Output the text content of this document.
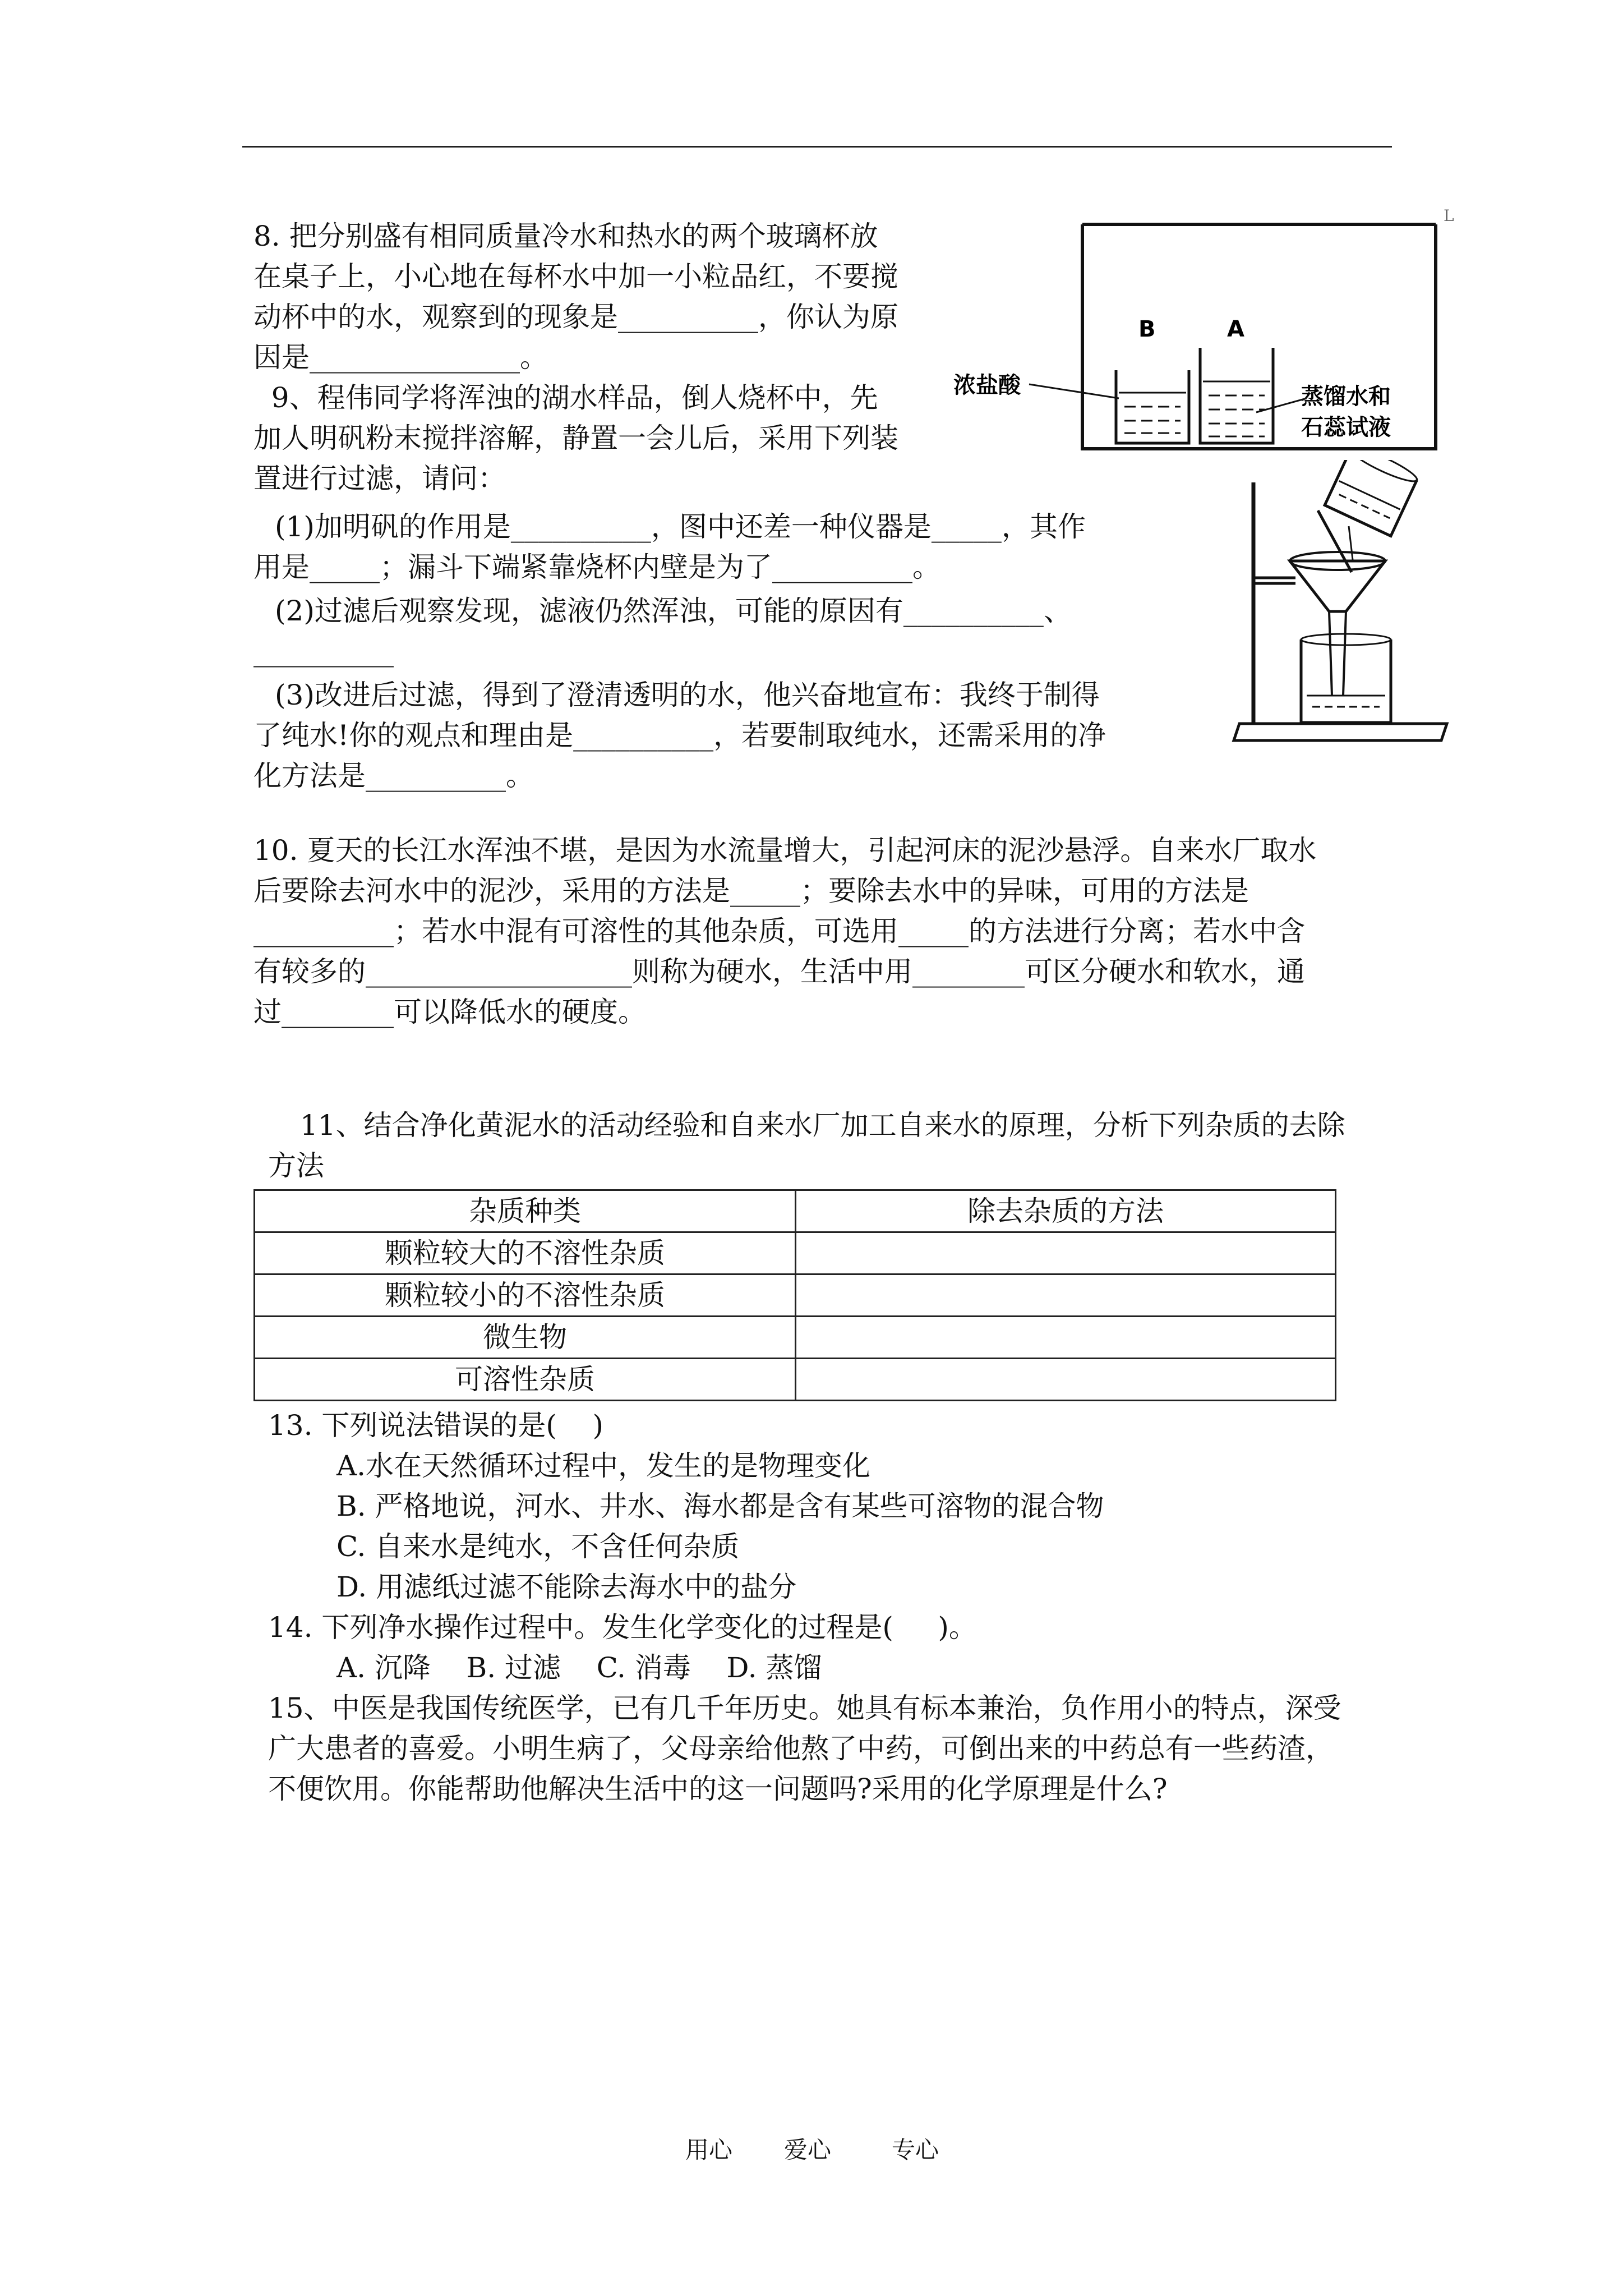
L
8. 把分别盛有相同质量冷水和热水的两个玻璃杯放
在桌子上，小心地在每杯水中加一小粒品红，不要搅
动杯中的水，观察到的现象是__________，你认为原
因是_______________。
9、程伟同学将浑浊的湖水样品，倒人烧杯中，先
加人明矾粉末搅拌溶解，静置一会儿后，采用下列装
置进行过滤，请问：
(1)加明矾的作用是__________，图中还差一种仪器是_____，其作
用是_____；漏斗下端紧靠烧杯内壁是为了__________。
(2)过滤后观察发现，滤液仍然浑浊，可能的原因有__________、
__________
(3)改进后过滤，得到了澄清透明的水，他兴奋地宣布：我终于制得
了纯水!你的观点和理由是__________，若要制取纯水，还需采用的净
化方法是__________。
B	A
浓盐酸	蒸馏水和
石蕊试液
10. 夏天的长江水浑浊不堪，是因为水流量增大，引起河床的泥沙悬浮。自来水厂取水
后要除去河水中的泥沙，采用的方法是_____；要除去水中的异味，可用的方法是
__________；若水中混有可溶性的其他杂质，可选用_____的方法进行分离；若水中含
有较多的___________________则称为硬水，生活中用________可区分硬水和软水，通
过________可以降低水的硬度。
11、结合净化黄泥水的活动经验和自来水厂加工自来水的原理，分析下列杂质的去除
方法
杂质种类	除去杂质的方法
颗粒较大的不溶性杂质	
颗粒较小的不溶性杂质	
微生物	
可溶性杂质	
13. 下列说法错误的是(    )
A.水在天然循环过程中，发生的是物理变化
B. 严格地说，河水、井水、海水都是含有某些可溶物的混合物
C. 自来水是纯水，不含任何杂质
D. 用滤纸过滤不能除去海水中的盐分
14. 下列净水操作过程中。发生化学变化的过程是(     )。
A. 沉降    B. 过滤    C. 消毒    D. 蒸馏
15、中医是我国传统医学，已有几千年历史。她具有标本兼治，负作用小的特点，深受
广大患者的喜爱。小明生病了，父母亲给他熬了中药，可倒出来的中药总有一些药渣，
不便饮用。你能帮助他解决生活中的这一问题吗?采用的化学原理是什么?
用心 爱心	专心
